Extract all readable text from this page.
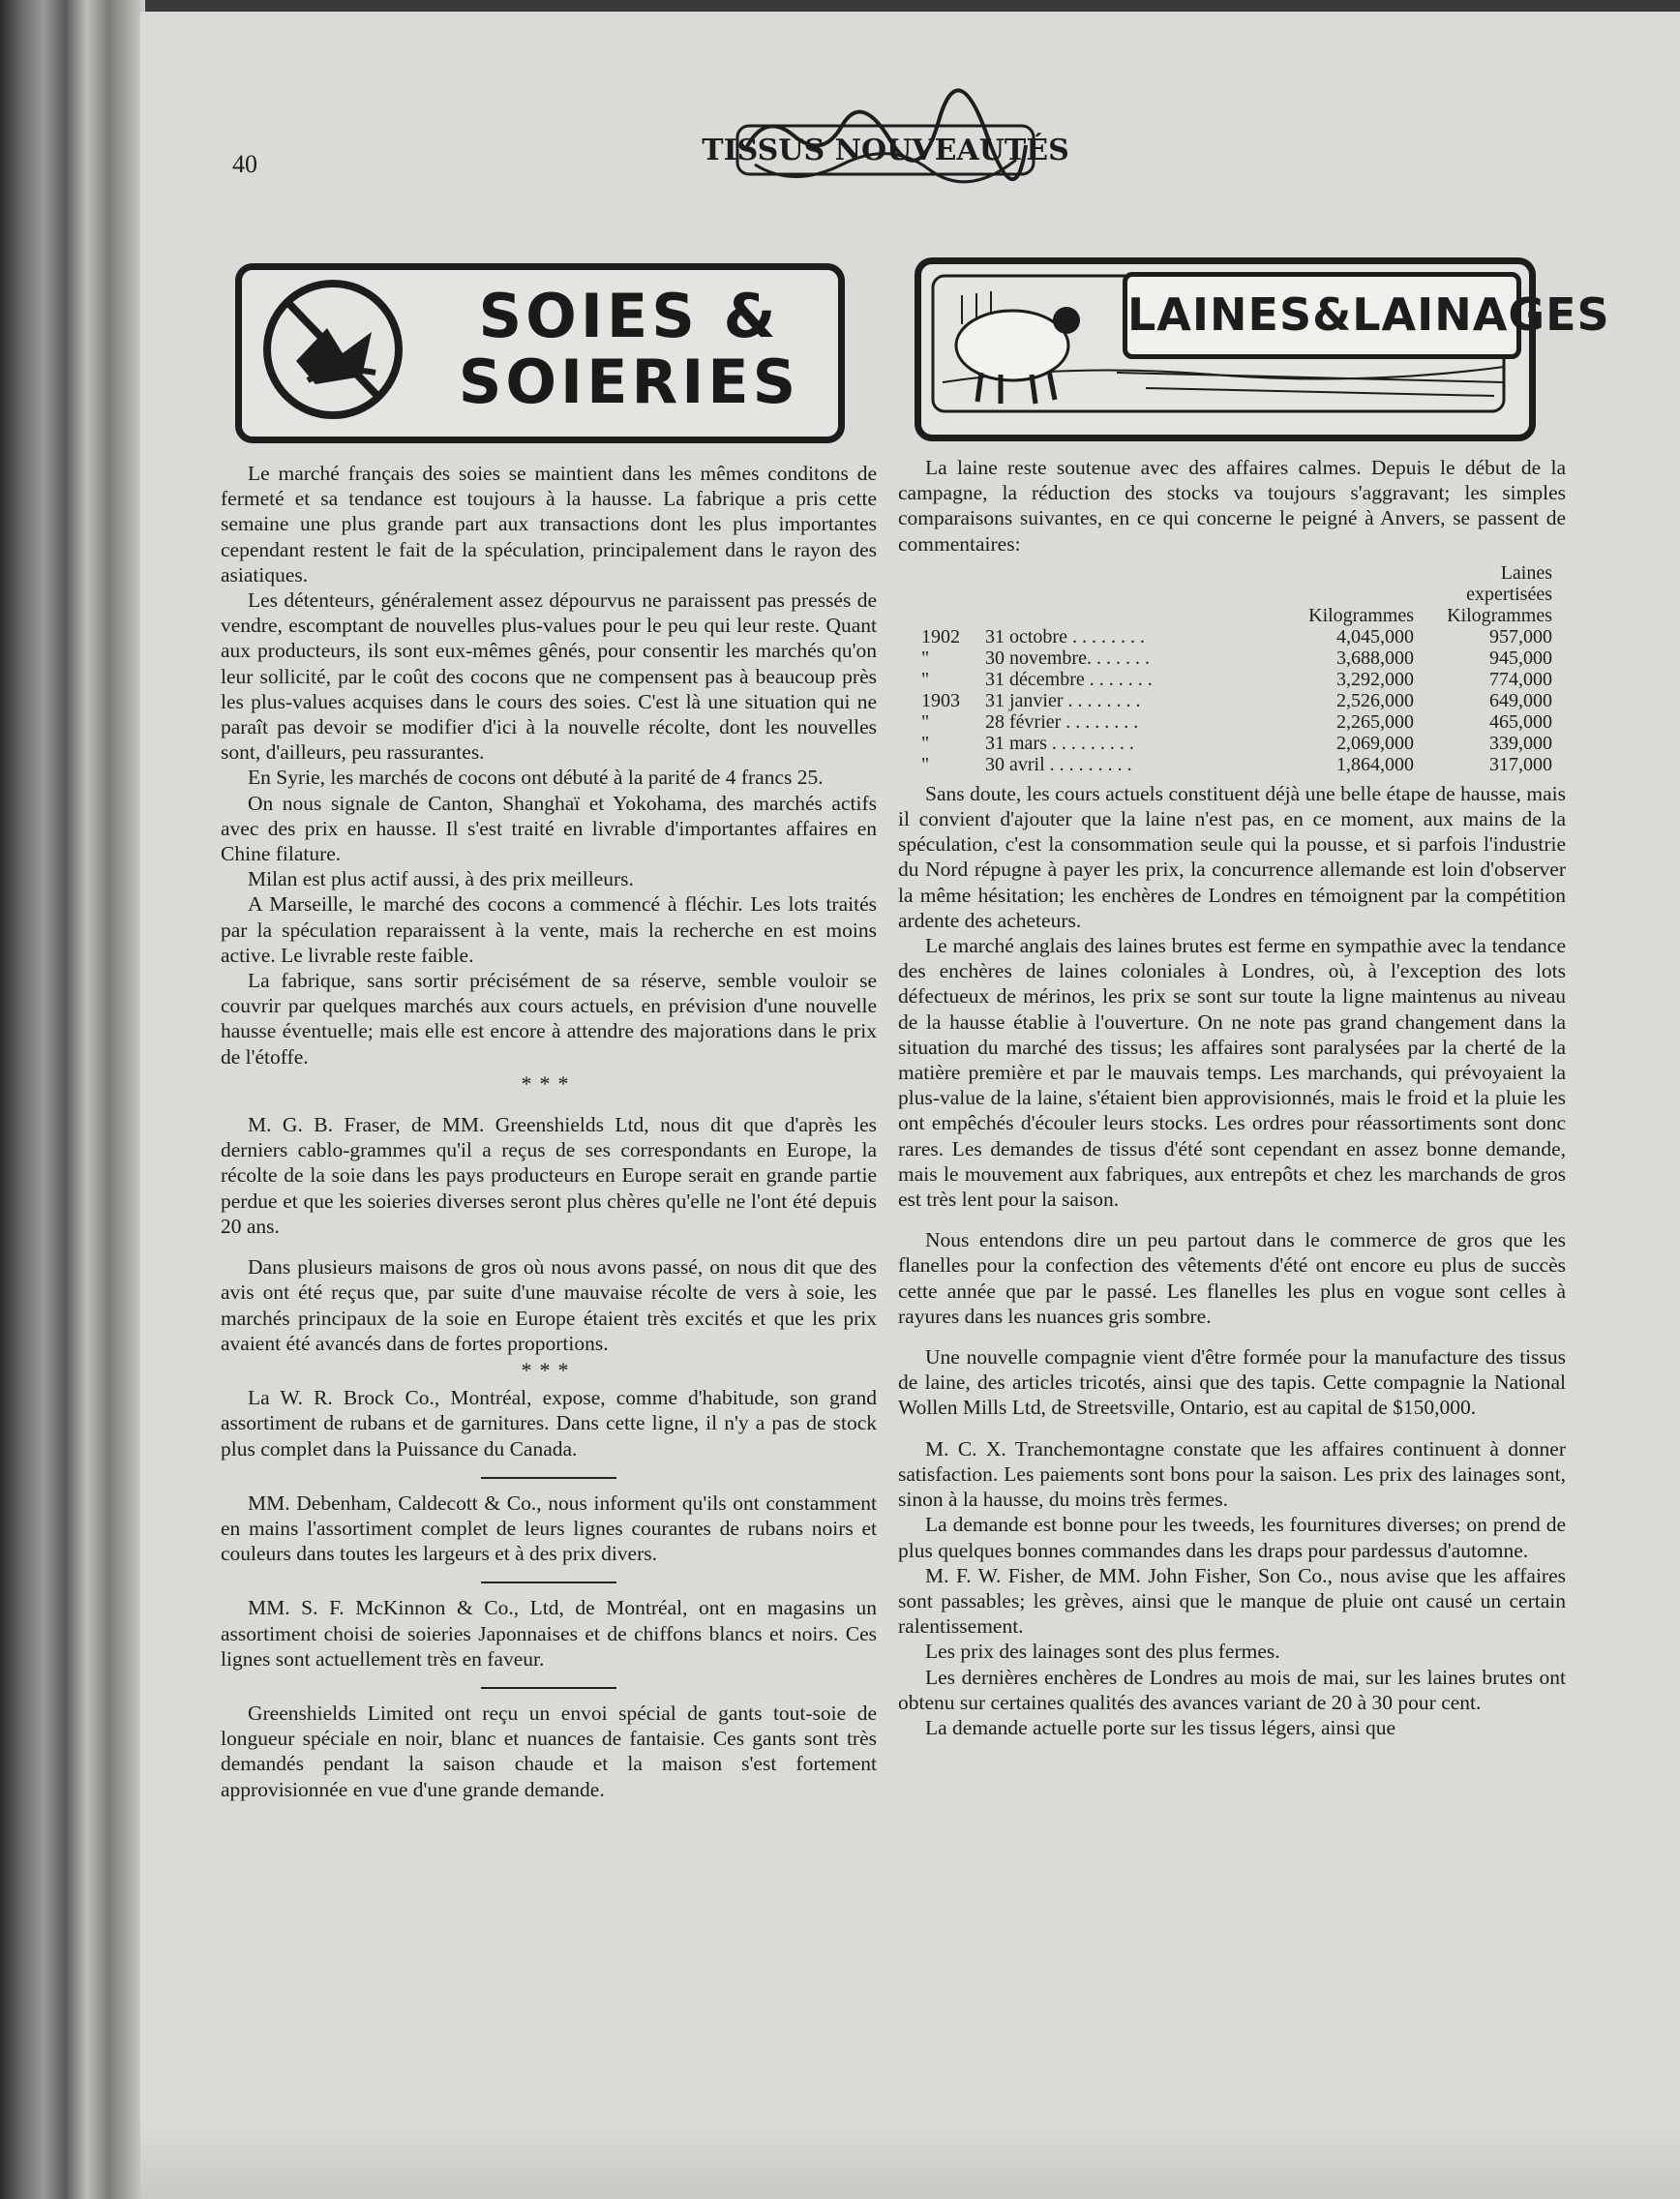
40	TISSUS NOUVEAUTÉS
SOIES &
SOIERIES
LAINES&LAINAGES

Le marché français des soies se maintient dans les mêmes conditons de fermeté et sa tendance est toujours à la hausse. La fabrique a pris cette semaine une plus grande part aux transactions dont les plus importantes cependant restent le fait de la spéculation, principalement dans le rayon des asiatiques.

Les détenteurs, généralement assez dépourvus ne paraissent pas pressés de vendre, escomptant de nouvelles plus-values pour le peu qui leur reste. Quant aux producteurs, ils sont eux-mêmes gênés, pour consentir les marchés qu'on leur sollicité, par le coût des cocons que ne compensent pas à beaucoup près les plus-values acquises dans le cours des soies. C'est là une situation qui ne paraît pas devoir se modifier d'ici à la nouvelle récolte, dont les nouvelles sont, d'ailleurs, peu rassurantes.

En Syrie, les marchés de cocons ont débuté à la parité de 4 francs 25.

On nous signale de Canton, Shanghaï et Yokohama, des marchés actifs avec des prix en hausse. Il s'est traité en livrable d'importantes affaires en Chine filature.

Milan est plus actif aussi, à des prix meilleurs.

A Marseille, le marché des cocons a commencé à fléchir. Les lots traités par la spéculation reparaissent à la vente, mais la recherche en est moins active. Le livrable reste faible.

La fabrique, sans sortir précisément de sa réserve, semble vouloir se couvrir par quelques marchés aux cours actuels, en prévision d'une nouvelle hausse éventuelle; mais elle est encore à attendre des majorations dans le prix de l'étoffe.

***

M. G. B. Fraser, de MM. Greenshields Ltd, nous dit que d'après les derniers cablo-grammes qu'il a reçus de ses correspondants en Europe, la récolte de la soie dans les pays producteurs en Europe serait en grande partie perdue et que les soieries diverses seront plus chères qu'elle ne l'ont été depuis 20 ans.

Dans plusieurs maisons de gros où nous avons passé, on nous dit que des avis ont été reçus que, par suite d'une mauvaise récolte de vers à soie, les marchés principaux de la soie en Europe étaient très excités et que les prix avaient été avancés dans de fortes proportions.

***

La W. R. Brock Co., Montréal, expose, comme d'habitude, son grand assortiment de rubans et de garnitures. Dans cette ligne, il n'y a pas de stock plus complet dans la Puissance du Canada.

MM. Debenham, Caldecott & Co., nous informent qu'ils ont constamment en mains l'assortiment complet de leurs lignes courantes de rubans noirs et couleurs dans toutes les largeurs et à des prix divers.

MM. S. F. McKinnon & Co., Ltd, de Montréal, ont en magasins un assortiment choisi de soieries Japonnaises et de chiffons blancs et noirs. Ces lignes sont actuellement très en faveur.

Greenshields Limited ont reçu un envoi spécial de gants tout-soie de longueur spéciale en noir, blanc et nuances de fantaisie. Ces gants sont très demandés pendant la saison chaude et la maison s'est fortement approvisionnée en vue d'une grande demande.

La laine reste soutenue avec des affaires calmes. Depuis le début de la campagne, la réduction des stocks va toujours s'aggravant; les simples comparaisons suivantes, en ce qui concerne le peigné à Anvers, se passent de commentaires:

			Laines
			expertisées
		Kilogrammes	Kilogrammes
1902	31 octobre . . . . . . . .	4,045,000	957,000
"	30 novembre. . . . . . .	3,688,000	945,000
"	31 décembre . . . . . . .	3,292,000	774,000
1903	31 janvier . . . . . . . .	2,526,000	649,000
"	28 février . . . . . . . .	2,265,000	465,000
"	31 mars . . . . . . . . .	2,069,000	339,000
"	30 avril . . . . . . . . .	1,864,000	317,000

Sans doute, les cours actuels constituent déjà une belle étape de hausse, mais il convient d'ajouter que la laine n'est pas, en ce moment, aux mains de la spéculation, c'est la consommation seule qui la pousse, et si parfois l'industrie du Nord répugne à payer les prix, la concurrence allemande est loin d'observer la même hésitation; les enchères de Londres en témoignent par la compétition ardente des acheteurs.

Le marché anglais des laines brutes est ferme en sympathie avec la tendance des enchères de laines coloniales à Londres, où, à l'exception des lots défectueux de mérinos, les prix se sont sur toute la ligne maintenus au niveau de la hausse établie à l'ouverture. On ne note pas grand changement dans la situation du marché des tissus; les affaires sont paralysées par la cherté de la matière première et par le mauvais temps. Les marchands, qui prévoyaient la plus-value de la laine, s'étaient bien approvisionnés, mais le froid et la pluie les ont empêchés d'écouler leurs stocks. Les ordres pour réassortiments sont donc rares. Les demandes de tissus d'été sont cependant en assez bonne demande, mais le mouvement aux fabriques, aux entrepôts et chez les marchands de gros est très lent pour la saison.

Nous entendons dire un peu partout dans le commerce de gros que les flanelles pour la confection des vêtements d'été ont encore eu plus de succès cette année que par le passé. Les flanelles les plus en vogue sont celles à rayures dans les nuances gris sombre.

Une nouvelle compagnie vient d'être formée pour la manufacture des tissus de laine, des articles tricotés, ainsi que des tapis. Cette compagnie la National Wollen Mills Ltd, de Streetsville, Ontario, est au capital de $150,000.

M. C. X. Tranchemontagne constate que les affaires continuent à donner satisfaction. Les paiements sont bons pour la saison. Les prix des lainages sont, sinon à la hausse, du moins très fermes.

La demande est bonne pour les tweeds, les fournitures diverses; on prend de plus quelques bonnes commandes dans les draps pour pardessus d'automne.

M. F. W. Fisher, de MM. John Fisher, Son Co., nous avise que les affaires sont passables; les grèves, ainsi que le manque de pluie ont causé un certain ralentissement.

Les prix des lainages sont des plus fermes.

Les dernières enchères de Londres au mois de mai, sur les laines brutes ont obtenu sur certaines qualités des avances variant de 20 à 30 pour cent.

La demande actuelle porte sur les tissus légers, ainsi que
